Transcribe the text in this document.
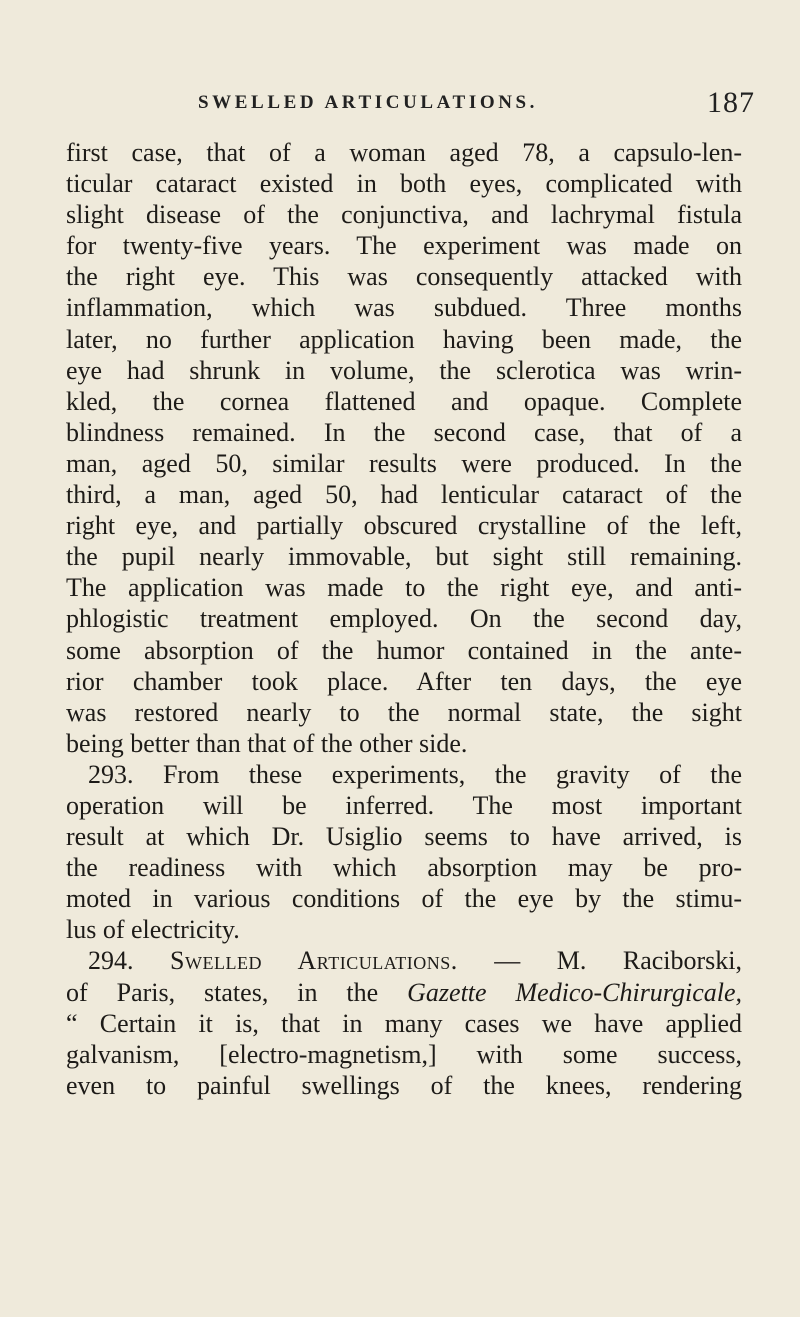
SWELLED ARTICULATIONS.	187
first case, that of a woman aged 78, a capsulo-len-
ticular cataract existed in both eyes, complicated with
slight disease of the conjunctiva, and lachrymal fistula
for twenty-five years. The experiment was made on
the right eye. This was consequently attacked with
inflammation, which was subdued. Three months
later, no further application having been made, the
eye had shrunk in volume, the sclerotica was wrin-
kled, the cornea flattened and opaque. Complete
blindness remained. In the second case, that of a
man, aged 50, similar results were produced. In the
third, a man, aged 50, had lenticular cataract of the
right eye, and partially obscured crystalline of the left,
the pupil nearly immovable, but sight still remaining.
The application was made to the right eye, and anti-
phlogistic treatment employed. On the second day,
some absorption of the humor contained in the ante-
rior chamber took place. After ten days, the eye
was restored nearly to the normal state, the sight
being better than that of the other side.
293. From these experiments, the gravity of the
operation will be inferred. The most important
result at which Dr. Usiglio seems to have arrived, is
the readiness with which absorption may be pro-
moted in various conditions of the eye by the stimu-
lus of electricity.
294. Swelled Articulations. — M. Raciborski,
of Paris, states, in the Gazette Medico-Chirurgicale,
“ Certain it is, that in many cases we have applied
galvanism, [electro-magnetism,] with some success,
even to painful swellings of the knees, rendering
